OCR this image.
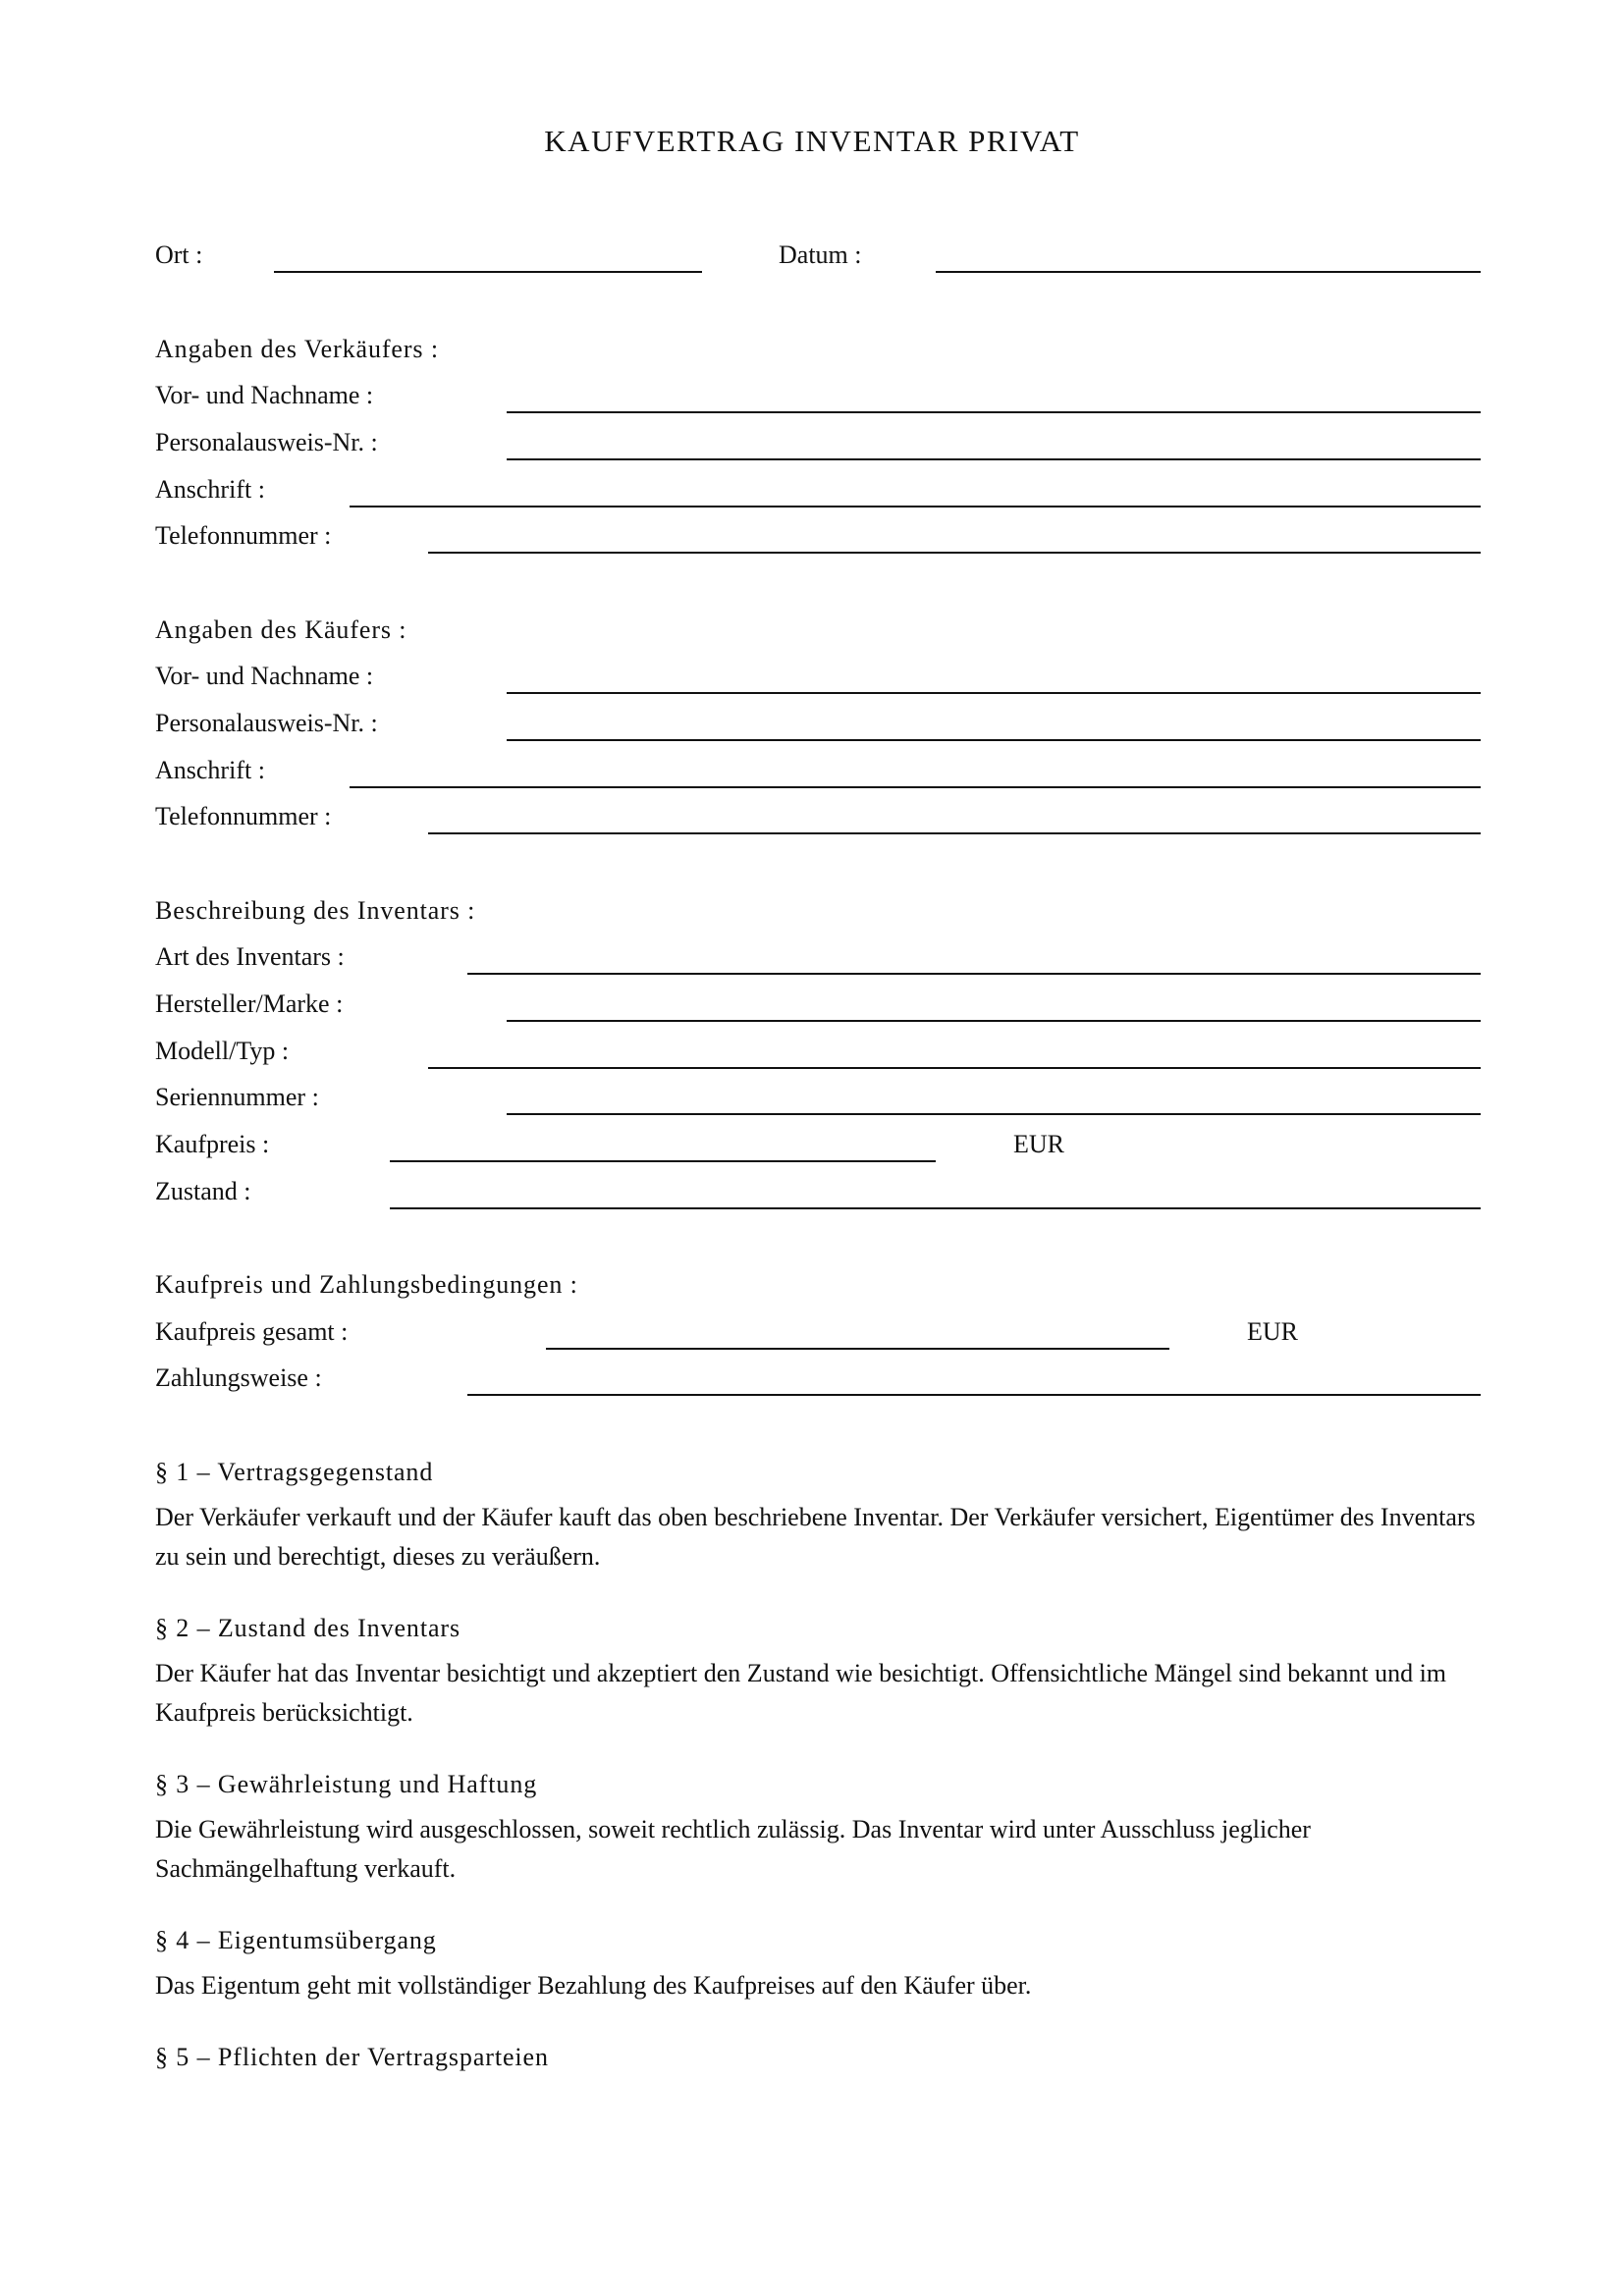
KAUFVERTRAG INVENTAR PRIVAT
Ort :	Datum :
Angaben des Verkäufers :
Vor- und Nachname :
Personalausweis-Nr. :
Anschrift :
Telefonnummer :
Angaben des Käufers :
Vor- und Nachname :
Personalausweis-Nr. :
Anschrift :
Telefonnummer :
Beschreibung des Inventars :
Art des Inventars :
Hersteller/Marke :
Modell/Typ :
Seriennummer :
Kaufpreis :	EUR
Zustand :
Kaufpreis und Zahlungsbedingungen :
Kaufpreis gesamt :	EUR
Zahlungsweise :
§ 1 – Vertragsgegenstand

Der Verkäufer verkauft und der Käufer kauft das oben beschriebene Inventar. Der Verkäufer versichert, Eigentümer des Inventars zu sein und berechtigt, dieses zu veräußern.

§ 2 – Zustand des Inventars

Der Käufer hat das Inventar besichtigt und akzeptiert den Zustand wie besichtigt. Offensichtliche Mängel sind bekannt und im Kaufpreis berücksichtigt.

§ 3 – Gewährleistung und Haftung

Die Gewährleistung wird ausgeschlossen, soweit rechtlich zulässig. Das Inventar wird unter Ausschluss jeglicher Sachmängelhaftung verkauft.

§ 4 – Eigentumsübergang

Das Eigentum geht mit vollständiger Bezahlung des Kaufpreises auf den Käufer über.

§ 5 – Pflichten der Vertragsparteien
